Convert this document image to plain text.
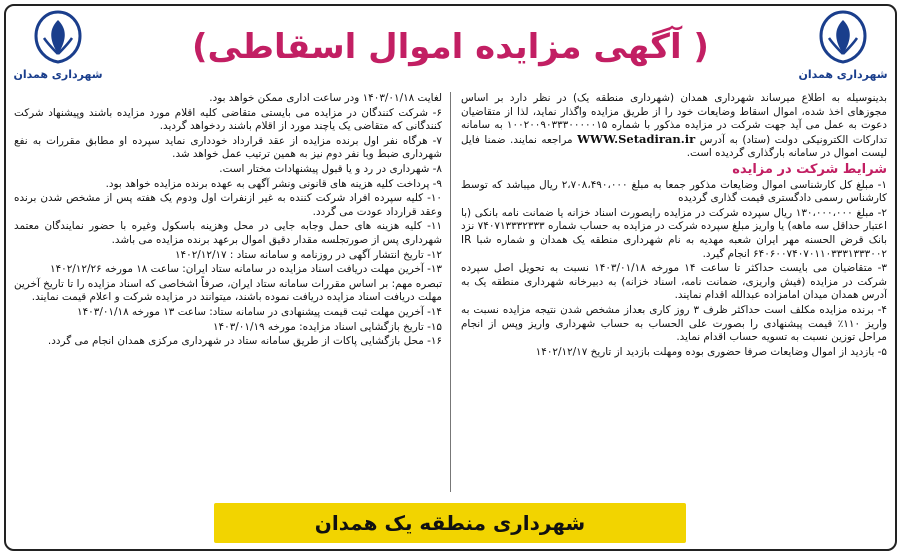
شهرداری همدان
شهرداری همدان
( آگهی مزایده اموال اسقاطی)

بدینوسیله به اطلاع میرساند شهرداری همدان (شهرداری منطقه یک) در نظر دارد بر اساس مجوزهای اخذ شده، اموال اسقاط وضایعات خود را از طریق مزایده واگذار نماید، لذا از متقاضیان دعوت به عمل می آید جهت شرکت در مزایده مذکور با شماره ۱۰۰۲۰۰۹۰۳۳۳۰۰۰۰۰۱۵ به سامانه تدارکات الکترونیکی دولت (ستاد) به آدرس WWW.Setadiran.ir مراجعه نمایند. ضمنا فایل لیست اموال در سامانه بارگذاری گردیده است.

شرایط شرکت در مزایده

۱- مبلغ کل کارشناسی اموال وضایعات مذکور جمعا به مبلغ ۲،۷۰۸،۴۹۰،۰۰۰ ریال میباشد که توسط کارشناس رسمی دادگستری قیمت گذاری گردیده

۲- مبلغ ۱۳۰،۰۰۰،۰۰۰ ریال سپرده شرکت در مزایده رایصورت اسناد خزانه یا ضمانت نامه بانکی (با اعتبار حداقل سه ماهه) یا واریز مبلغ سپرده شرکت در مزایده به حساب شماره ۷۴۰۷۱۳۳۳۲۳۳۳ نزد بانک قرض الحسنه مهر ایران شعبه مهدیه به نام شهرداری منطقه یک همدان و شماره شبا IR ۶۴۰۶۰۰۷۴۰۷۰۱۱۰۳۳۳۱۳۳۳۰۰۲ انجام گیرد.

۳- متقاضیان می بایست حداکثر تا ساعت ۱۴ مورخه ۱۴۰۳/۰۱/۱۸ نسبت به تحویل اصل سپرده شرکت در مزایده (فیش واریزی، ضمانت نامه، اسناد خزانه) به دبیرخانه شهرداری منطقه یک به آدرس همدان میدان امامزاده عبدالله اقدام نمایند.

۴- برنده مزایده مکلف است حداکثر ظرف ۳ روز کاری بعداز مشخص شدن نتیجه مزایده نسبت به واریز ۱۱۰٪ قیمت پیشنهادی را بصورت علی الحساب به حساب شهرداری واریز وپس از انجام مراحل توزین نسبت به تسویه حساب اقدام نماید.

۵- بازدید از اموال وضایعات صرفا حضوری بوده ومهلت بازدید از تاریخ ۱۴۰۲/۱۲/۱۷

لغایت ۱۴۰۳/۰۱/۱۸ ودر ساعت اداری ممکن خواهد بود.

۶- شرکت کنندگان در مزایده می بایستی متقاضی کلیه اقلام مورد مزایده باشند وپیشنهاد شرکت کنندگانی که متقاضی یک یاچند مورد از اقلام باشند ردخواهد گردید.

۷- هرگاه نفر اول برنده مزایده از عقد قرارداد خودداری نماید سپرده او مطابق مقررات به نفع شهرداری ضبط وبا نفر دوم نیز به همین ترتیب عمل خواهد شد.

۸- شهرداری در رد و یا قبول پیشنهادات مختار است.

۹- پرداخت کلیه هزینه های قانونی ونشر آگهی به عهده برنده مزایده خواهد بود.

۱۰- کلیه سپرده افراد شرکت کننده به غیر ازنفرات اول ودوم یک هفته پس از مشخص شدن برنده وعقد قرارداد عودت می گردد.

۱۱- کلیه هزینه های حمل وجابه جایی در محل وهزینه باسکول وغیره با حضور نمایندگان معتمد شهرداری پس از صورتجلسه مقدار دقیق اموال برعهد برنده مزایده می باشد.

۱۲- تاریخ انتشار آگهی در روزنامه و سامانه ستاد : ۱۴۰۲/۱۲/۱۷

۱۳- آخرین مهلت دریافت اسناد مزایده در سامانه ستاد ایران: ساعت ۱۸ مورخه ۱۴۰۲/۱۲/۲۶

تبصره مهم: بر اساس مقررات سامانه ستاد ایران، صرفاً اشخاصی که اسناد مزایده را تا تاریخ آخرین مهلت دریافت اسناد مزایده دریافت نموده باشند، میتوانند در مزایده شرکت و اعلام قیمت نمایند.

۱۴- آخرین مهلت ثبت قیمت پیشنهادی در سامانه ستاد: ساعت ۱۳ مورخه ۱۴۰۳/۰۱/۱۸

۱۵- تاریخ بازگشایی اسناد مزایده: مورخه ۱۴۰۳/۰۱/۱۹

۱۶- محل بازگشایی پاکات از طریق سامانه ستاد در شهرداری مرکزی همدان انجام می گردد.

شهرداری منطقه یک همدان
